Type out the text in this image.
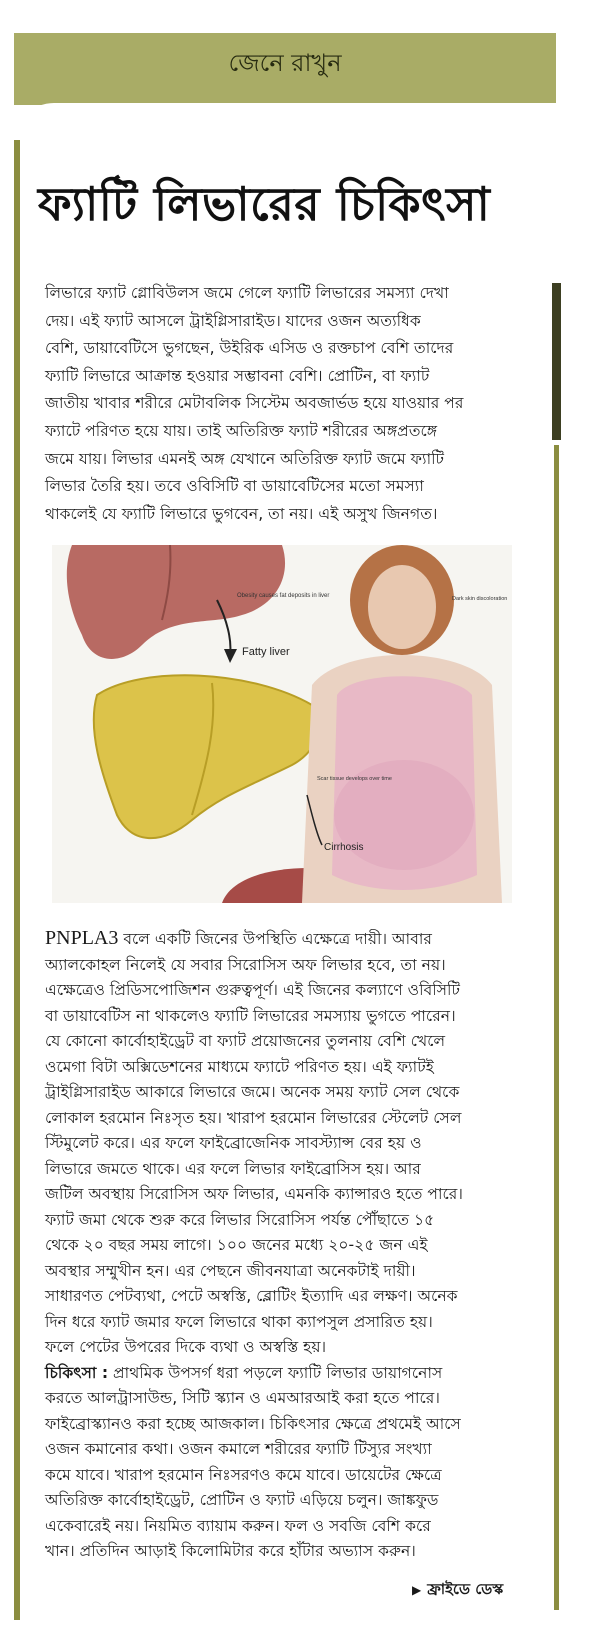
জেনে রাখুন
ফ্যাটি লিভারের চিকিৎসা
লিভারে ফ্যাট গ্লোবিউলস জমে গেলে ফ্যাটি লিভারের সমস্যা দেখা
দেয়। এই ফ্যাট আসলে ট্রাইগ্লিসারাইড। যাদের ওজন অত্যধিক
বেশি, ডায়াবেটিসে ভুগছেন, উইরিক এসিড ও রক্তচাপ বেশি তাদের
ফ্যাটি লিভারে আক্রান্ত হওয়ার সম্ভাবনা বেশি। প্রোটিন, বা ফ্যাট
জাতীয় খাবার শরীরে মেটাবলিক সিস্টেম অবজার্ভড হয়ে যাওয়ার পর
ফ্যাটে পরিণত হয়ে যায়। তাই অতিরিক্ত ফ্যাট শরীরের অঙ্গপ্রতঙ্গে
জমে যায়। লিভার এমনই অঙ্গ যেখানে অতিরিক্ত ফ্যাট জমে ফ্যাটি
লিভার তৈরি হয়। তবে ওবিসিটি বা ডায়াবেটিসের মতো সমস্যা
থাকলেই যে ফ্যাটি লিভারে ভুগবেন, তা নয়। এই অসুখ জিনগত।
Obesity causes fat deposits in liver
Fatty liver
Dark skin discoloration
Scar tissue develops over time
Cirrhosis
PNPLA3 বলে একটি জিনের উপস্থিতি এক্ষেত্রে দায়ী। আবার
অ্যালকোহল নিলেই যে সবার সিরোসিস অফ লিভার হবে, তা নয়।
এক্ষেত্রেও প্রিডিসপোজিশন গুরুত্বপূর্ণ। এই জিনের কল্যাণে ওবিসিটি
বা ডায়াবেটিস না থাকলেও ফ্যাটি লিভারের সমস্যায় ভুগতে পারেন।
যে কোনো কার্বোহাইড্রেট বা ফ্যাট প্রয়োজনের তুলনায় বেশি খেলে
ওমেগা বিটা অক্সিডেশনের মাধ্যমে ফ্যাটে পরিণত হয়। এই ফ্যাটই
ট্রাইগ্লিসারাইড আকারে লিভারে জমে। অনেক সময় ফ্যাট সেল থেকে
লোকাল হরমোন নিঃসৃত হয়। খারাপ হরমোন লিভারের স্টেলেট সেল
স্টিমুলেট করে। এর ফলে ফাইব্রোজেনিক সাবস্ট্যান্স বের হয় ও
লিভারে জমতে থাকে। এর ফলে লিভার ফাইব্রোসিস হয়। আর
জটিল অবস্থায় সিরোসিস অফ লিভার, এমনকি ক্যান্সারও হতে পারে।
ফ্যাট জমা থেকে শুরু করে লিভার সিরোসিস পর্যন্ত পৌঁছাতে ১৫
থেকে ২০ বছর সময় লাগে। ১০০ জনের মধ্যে ২০-২৫ জন এই
অবস্থার সম্মুখীন হন। এর পেছনে জীবনযাত্রা অনেকটাই দায়ী।
সাধারণত পেটব্যথা, পেটে অস্বস্তি, ব্লোটিং ইত্যাদি এর লক্ষণ। অনেক
দিন ধরে ফ্যাট জমার ফলে লিভারে থাকা ক্যাপসুল প্রসারিত হয়।
ফলে পেটের উপরের দিকে ব্যথা ও অস্বস্তি হয়।
চিকিৎসা : প্রাথমিক উপসর্গ ধরা পড়লে ফ্যাটি লিভার ডায়াগনোস
করতে আলট্রাসাউন্ড, সিটি স্ক্যান ও এমআরআই করা হতে পারে।
ফাইব্রোস্ক্যানও করা হচ্ছে আজকাল। চিকিৎসার ক্ষেত্রে প্রথমেই আসে
ওজন কমানোর কথা। ওজন কমালে শরীরের ফ্যাটি টিস্যুর সংখ্যা
কমে যাবে। খারাপ হরমোন নিঃসরণও কমে যাবে। ডায়েটের ক্ষেত্রে
অতিরিক্ত কার্বোহাইড্রেট, প্রোটিন ও ফ্যাট এড়িয়ে চলুন। জাঙ্কফুড
একেবারেই নয়। নিয়মিত ব্যায়াম করুন। ফল ও সবজি বেশি করে
খান। প্রতিদিন আড়াই কিলোমিটার করে হাঁটার অভ্যাস করুন।
▶ ফ্রাইডে ডেস্ক
